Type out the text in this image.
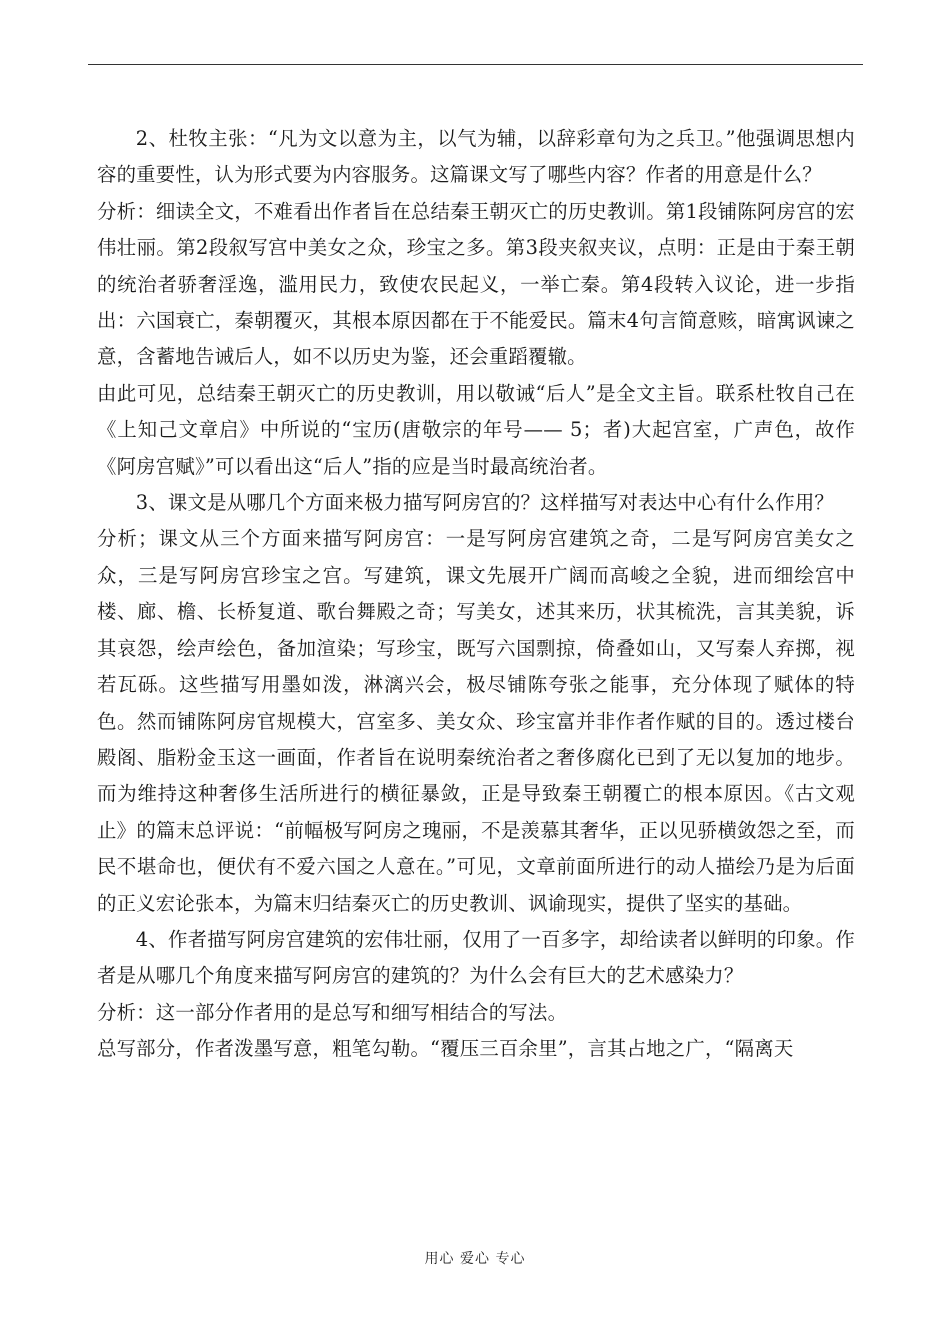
2、杜牧主张：“凡为文以意为主，以气为辅，以辞彩章句为之兵卫。”他强调思想内容的重要性，认为形式要为内容服务。这篇课文写了哪些内容？作者的用意是什么？

分析：细读全文，不难看出作者旨在总结秦王朝灭亡的历史教训。第1段铺陈阿房宫的宏伟壮丽。第2段叙写宫中美女之众，珍宝之多。第3段夹叙夹议，点明：正是由于秦王朝的统治者骄奢淫逸，滥用民力，致使农民起义，一举亡秦。第4段转入议论，进一步指出：六国衰亡，秦朝覆灭，其根本原因都在于不能爱民。篇末4句言简意赅，暗寓讽谏之意，含蓄地告诫后人，如不以历史为鉴，还会重蹈覆辙。

由此可见，总结秦王朝灭亡的历史教训，用以敬诫“后人”是全文主旨。联系杜牧自己在《上知己文章启》中所说的“宝历(唐敬宗的年号—— 5；者)大起宫室，广声色，故作《阿房宫赋》”可以看出这“后人”指的应是当时最高统治者。

3、课文是从哪几个方面来极力描写阿房宫的？这样描写对表达中心有什么作用？

分析；课文从三个方面来描写阿房宫：一是写阿房宫建筑之奇，二是写阿房宫美女之众，三是写阿房宫珍宝之宫。写建筑，课文先展开广阔而高峻之全貌，进而细绘宫中楼、廊、檐、长桥复道、歌台舞殿之奇；写美女，述其来历，状其梳洗，言其美貌，诉其哀怨，绘声绘色，备加渲染；写珍宝，既写六国剽掠，倚叠如山，又写秦人弃掷，视若瓦砾。这些描写用墨如泼，淋漓兴会，极尽铺陈夸张之能事，充分体现了赋体的特色。然而铺陈阿房官规模大，宫室多、美女众、珍宝富并非作者作赋的目的。透过楼台殿阁、脂粉金玉这一画面，作者旨在说明秦统治者之奢侈腐化已到了无以复加的地步。而为维持这种奢侈生活所进行的横征暴敛，正是导致秦王朝覆亡的根本原因。《古文观止》的篇末总评说：“前幅极写阿房之瑰丽，不是羡慕其奢华，正以见骄横敛怨之至，而民不堪命也，便伏有不爱六国之人意在。”可见，文章前面所进行的动人描绘乃是为后面的正义宏论张本，为篇末归结秦灭亡的历史教训、讽谕现实，提供了坚实的基础。

4、作者描写阿房宫建筑的宏伟壮丽，仅用了一百多字，却给读者以鲜明的印象。作者是从哪几个角度来描写阿房宫的建筑的？为什么会有巨大的艺术感染力？

分析：这一部分作者用的是总写和细写相结合的写法。

总写部分，作者泼墨写意，粗笔勾勒。“覆压三百余里”，言其占地之广，“隔离天

用心 爱心 专心
